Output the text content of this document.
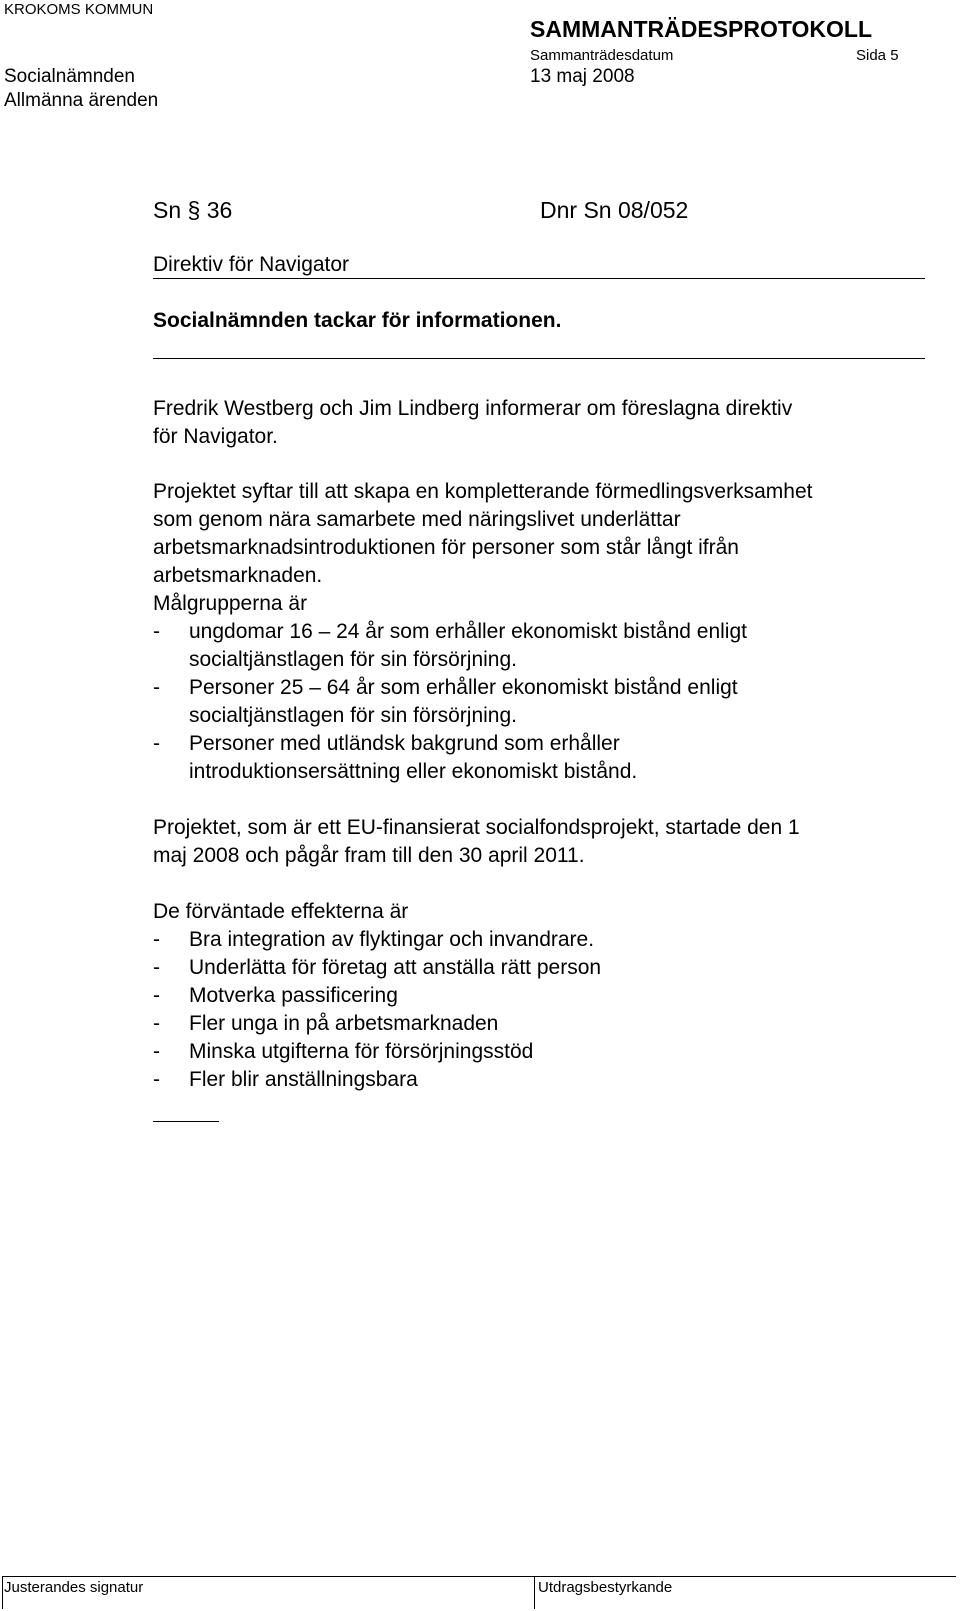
KROKOMS KOMMUN
SAMMANTRÄDESPROTOKOLL
Sammanträdesdatum	Sida 5
Socialnämnden	13 maj 2008
Allmänna ärenden
Sn § 36	Dnr Sn 08/052
Direktiv för Navigator
Socialnämnden tackar för informationen.
Fredrik Westberg och Jim Lindberg informerar om föreslagna direktiv
för Navigator.
Projektet syftar till att skapa en kompletterande förmedlingsverksamhet
som genom nära samarbete med näringslivet underlättar
arbetsmarknadsintroduktionen för personer som står långt ifrån
arbetsmarknaden.
Målgrupperna är
- ungdomar 16 – 24 år som erhåller ekonomiskt bistånd enligt
socialtjänstlagen för sin försörjning.
- Personer 25 – 64 år som erhåller ekonomiskt bistånd enligt
socialtjänstlagen för sin försörjning.
- Personer med utländsk bakgrund som erhåller
introduktionsersättning eller ekonomiskt bistånd.
Projektet, som är ett EU-finansierat socialfondsprojekt, startade den 1
maj 2008 och pågår fram till den 30 april 2011.
De förväntade effekterna är
- Bra integration av flyktingar och invandrare.
- Underlätta för företag att anställa rätt person
- Motverka passificering
- Fler unga in på arbetsmarknaden
- Minska utgifterna för försörjningsstöd
- Fler blir anställningsbara
Justerandes signatur	Utdragsbestyrkande
